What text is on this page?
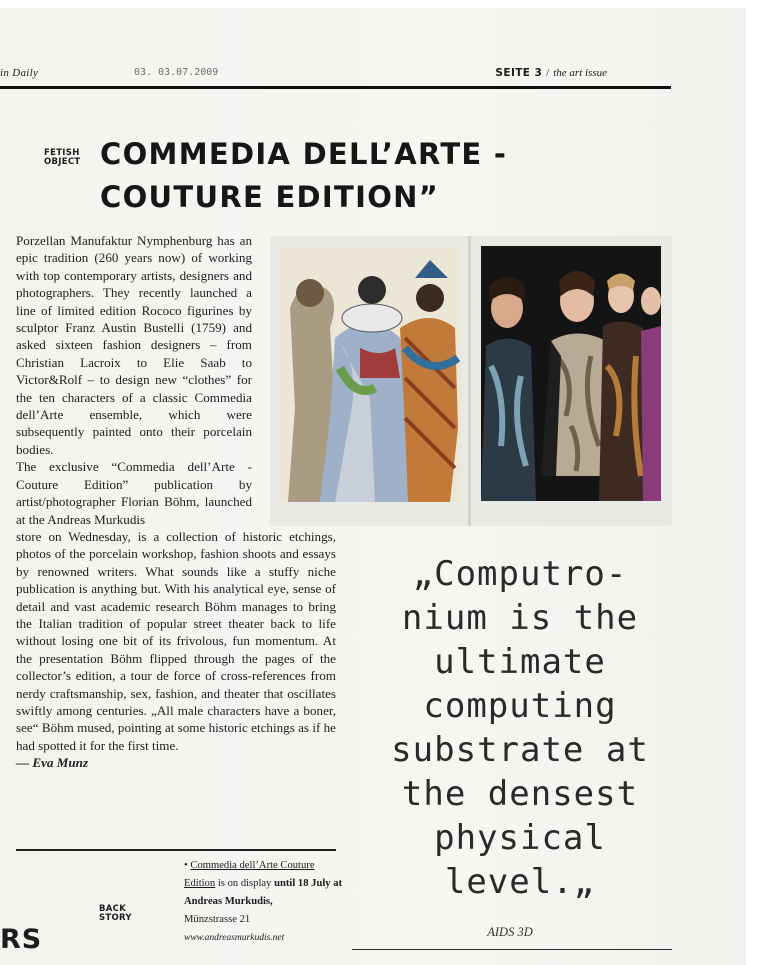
in Daily	03. 03.07.2009	SEITE 3 / the art issue
FETISH
OBJECT COMMEDIA DELL’ARTE -
COUTURE EDITION”

Porzellan Manufaktur Nymphenburg has an epic tradition (260 years now) of working with top contemporary artists, designers and photographers. They recently launched a line of limited edition Rococo figurines by sculptor Franz Austin Bustelli (1759) and asked sixteen fashion designers – from Christian Lacroix to Elie Saab to Victor&Rolf – to design new “clothes” for the ten characters of a classic Commedia dell’Arte ensemble, which were subsequently painted onto their porcelain bodies.

The exclusive “Commedia dell’Arte - Couture Edition” publication by artist/photographer Florian Böhm, launched at the Andreas Murkudis

store on Wednesday, is a collection of historic etchings, photos of the porcelain workshop, fashion shoots and essays by renowned writers. What sounds like a stuffy niche publication is anything but. With his analytical eye, sense of detail and vast academic research Böhm manages to bring the Italian tradition of popular street theater back to life without losing one bit of its frivolous, fun momentum. At the presentation Böhm flipped through the pages of the collector’s edition, a tour de force of cross-references from nerdy craftsmanship, sex, fashion, and theater that oscillates swiftly among centuries. „All male characters have a boner, see“ Böhm mused, pointing at some historic etchings as if he had spotted it for the first time.

— Eva Munz

„Computro-
nium is the
ultimate
computing
substrate at
the densest
physical
level.„
AIDS 3D
BACK
STORY
• Commedia dell’Arte Couture Edition is on display until 18 July at Andreas Murkudis,
Münzstrasse 21
www.andreasmurkudis.net
RS
